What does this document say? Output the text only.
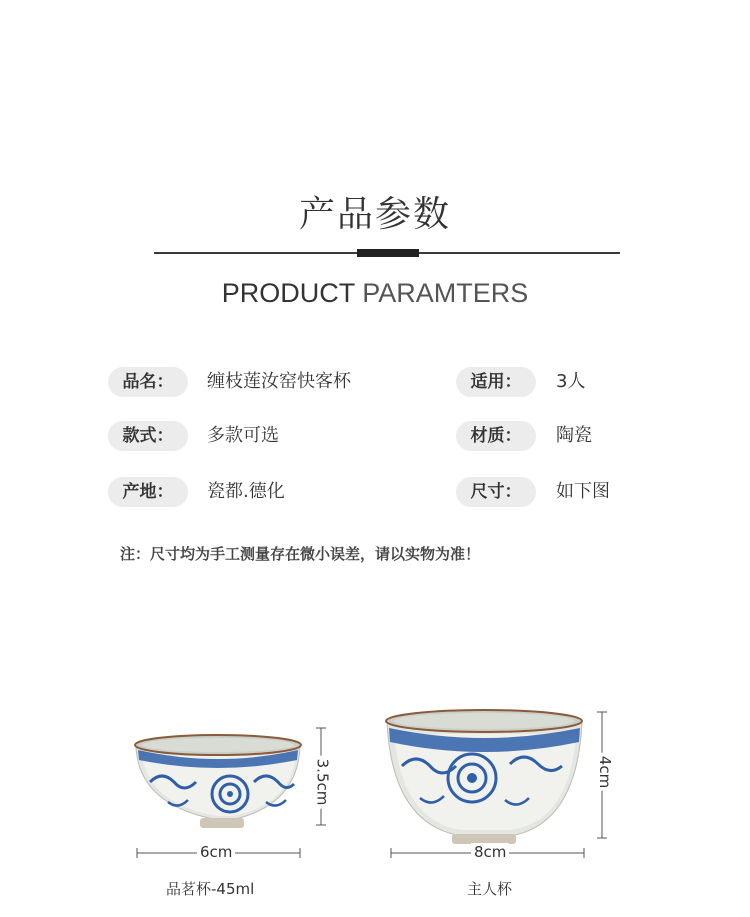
产品参数
PRODUCT PARAMTERS
品名：	缠枝莲汝窑快客杯	适用：	3人
款式：	多款可选	材质：	陶瓷
产地：	瓷都.德化	尺寸：	如下图
注：尺寸均为手工测量存在微小误差，请以实物为准！
6cm
3.5cm
品茗杯-45ml
8cm
4cm
主人杯
